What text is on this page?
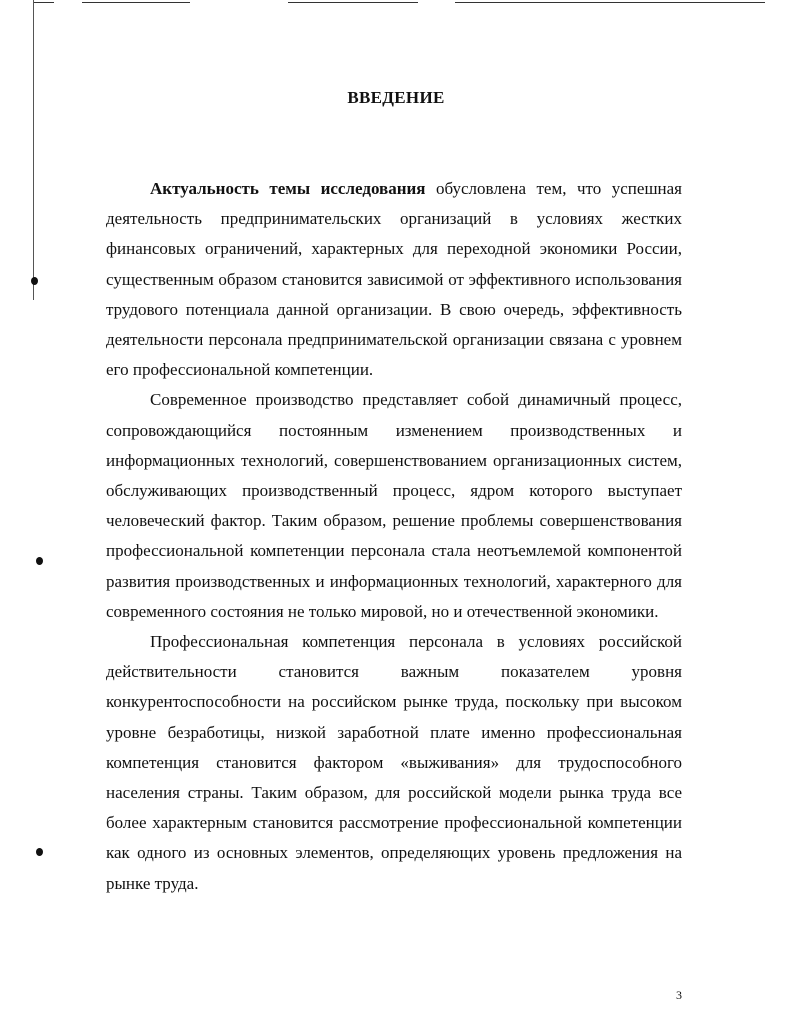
ВВЕДЕНИЕ

Актуальность темы исследования обусловлена тем, что успешная деятельность предпринимательских организаций в условиях жестких финансовых ограничений, характерных для переходной экономики России, существенным образом становится зависимой от эффективного использования трудового потенциала данной организации. В свою очередь, эффективность деятельности персонала предпринимательской организации связана с уровнем его профессиональной компетенции.

Современное производство представляет собой динамичный процесс, сопровождающийся постоянным изменением производственных и информационных технологий, совершенствованием организационных систем, обслуживающих производственный процесс, ядром которого выступает человеческий фактор. Таким образом, решение проблемы совершенствования профессиональной компетенции персонала стала неотъемлемой компонентой развития производственных и информационных технологий, характерного для современного состояния не только мировой, но и отечественной экономики.

Профессиональная компетенция персонала в условиях российской действительности становится важным показателем уровня конкурентоспособности на российском рынке труда, поскольку при высоком уровне безработицы, низкой заработной плате именно профессиональная компетенция становится фактором «выживания» для трудоспособного населения страны. Таким образом, для российской модели рынка труда все более характерным становится рассмотрение профессиональной компетенции как одного из основных элементов, определяющих уровень предложения на рынке труда.

3
